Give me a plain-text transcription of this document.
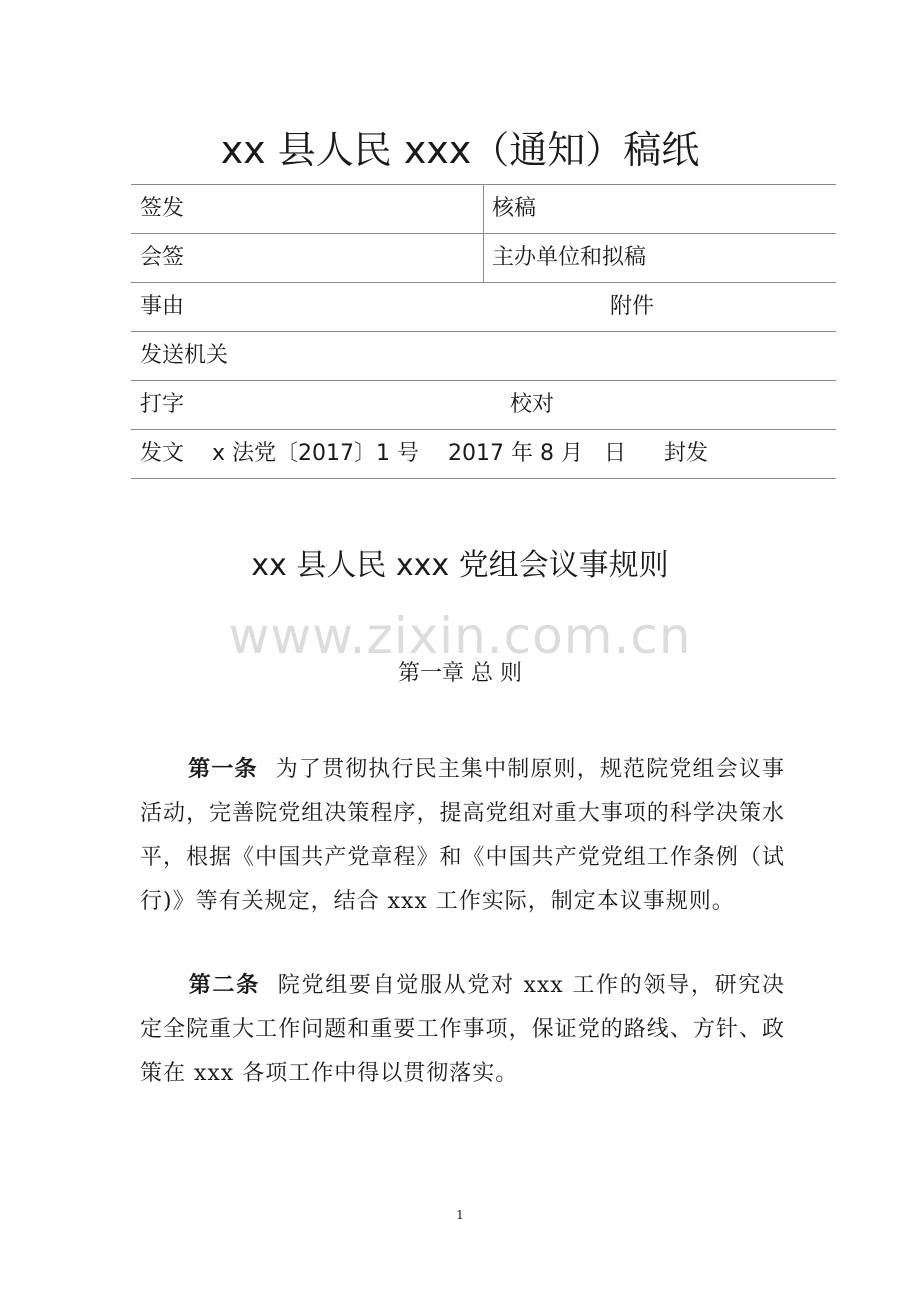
xx 县人民 xxx（通知）稿纸
签发	核稿
会签	主办单位和拟稿
事由	附件
发送机关
打字	校对
发文 x 法党〔2017〕1 号 2017 年 8 月 日 封发
xx 县人民 xxx 党组会议事规则
www.zixin.com.cn
第一章 总 则
第一条 为了贯彻执行民主集中制原则，规范院党组会议事活动，完善院党组决策程序，提高党组对重大事项的科学决策水平，根据《中国共产党章程》和《中国共产党党组工作条例（试行)》等有关规定，结合 xxx 工作实际，制定本议事规则。
第二条 院党组要自觉服从党对 xxx 工作的领导，研究决定全院重大工作问题和重要工作事项，保证党的路线、方针、政策在 xxx 各项工作中得以贯彻落实。
1
